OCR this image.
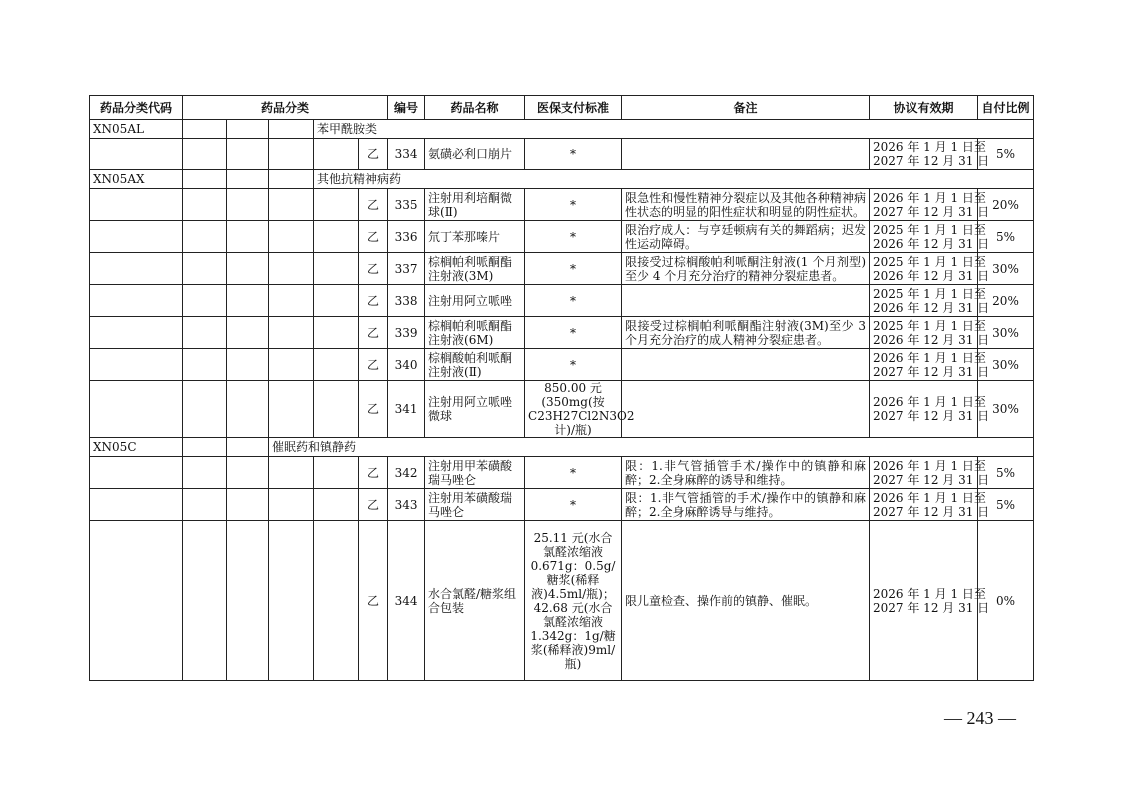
药品分类代码	药品分类					编号	药品名称	医保支付标准	备注	协议有效期	自付比例
XN05AL				苯甲酰胺类							
					乙	334	氨磺必利口崩片	*		2026 年 1 月 1 日至
2027 年 12 月 31 日	5%
XN05AX				其他抗精神病药							
					乙	335	注射用利培酮微球(Ⅱ)	*	限急性和慢性精神分裂症以及其他各种精神病性状态的明显的阳性症状和明显的阴性症状。	2026 年 1 月 1 日至
2027 年 12 月 31 日	20%
					乙	336	氘丁苯那嗪片	*	限治疗成人：与亨廷顿病有关的舞蹈病；迟发性运动障碍。	2025 年 1 月 1 日至
2026 年 12 月 31 日	5%
					乙	337	棕榈帕利哌酮酯注射液(3M)	*	限接受过棕榈酸帕利哌酮注射液(1 个月剂型)至少 4 个月充分治疗的精神分裂症患者。	2025 年 1 月 1 日至
2026 年 12 月 31 日	30%
					乙	338	注射用阿立哌唑	*		2025 年 1 月 1 日至
2026 年 12 月 31 日	20%
					乙	339	棕榈帕利哌酮酯注射液(6M)	*	限接受过棕榈帕利哌酮酯注射液(3M)至少 3 个月充分治疗的成人精神分裂症患者。	2025 年 1 月 1 日至
2026 年 12 月 31 日	30%
					乙	340	棕榈酸帕利哌酮注射液(Ⅱ)	*		2026 年 1 月 1 日至
2027 年 12 月 31 日	30%
					乙	341	注射用阿立哌唑微球	850.00 元(350mg(按 C23H27Cl2N3O2 计)/瓶)		2026 年 1 月 1 日至
2027 年 12 月 31 日	30%
XN05C			催眠药和镇静药								
					乙	342	注射用甲苯磺酸瑞马唑仑	*	限：1.非气管插管手术/操作中的镇静和麻醉；2.全身麻醉的诱导和维持。	2026 年 1 月 1 日至
2027 年 12 月 31 日	5%
					乙	343	注射用苯磺酸瑞马唑仑	*	限：1.非气管插管的手术/操作中的镇静和麻醉；2.全身麻醉诱导与维持。	2026 年 1 月 1 日至
2027 年 12 月 31 日	5%
					乙	344	水合氯醛/糖浆组合包装	25.11 元(水合氯醛浓缩液 0.671g：0.5g/糖浆(稀释液)4.5ml/瓶)；42.68 元(水合氯醛浓缩液 1.342g：1g/糖浆(稀释液)9ml/瓶)	限儿童检查、操作前的镇静、催眠。	2026 年 1 月 1 日至
2027 年 12 月 31 日	0%
— 243 —
